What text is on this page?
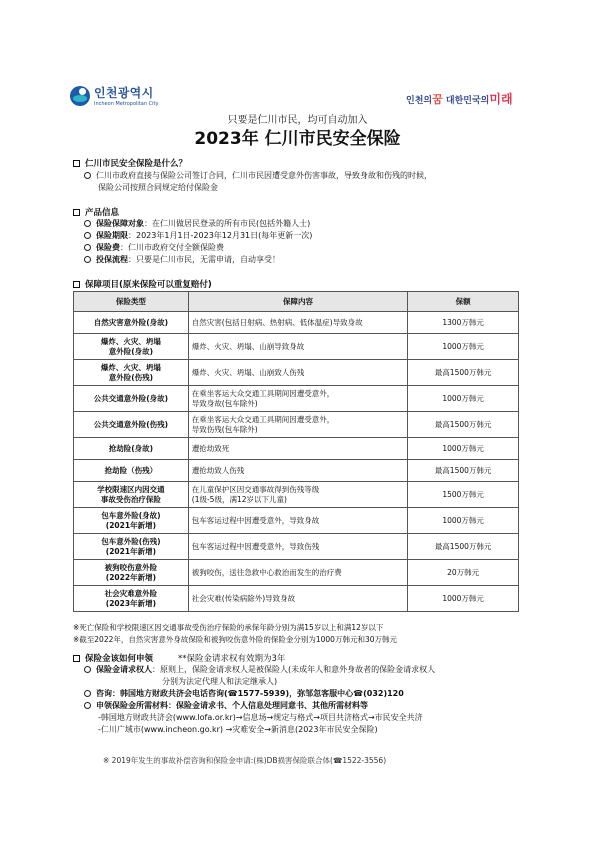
인천광역시
Incheon Metropolitan City	인천의꿈 대한민국의미래
只要是仁川市民，均可自动加入
2023年 仁川市民安全保险
仁川市民安全保险是什么？
仁川市政府直接与保险公司签订合同，仁川市民因遭受意外伤害事故，导致身故和伤残的时候，
保险公司按照合同规定给付保险金
产品信息
保险保障对象：在仁川做居民登录的所有市民(包括外籍人士)
保险期限：2023年1月1日-2023年12月31日(每年更新一次)
保险费：仁川市政府交付全额保险费
投保流程：只要是仁川市民，无需申请，自动享受！
保障项目(原来保险可以重复赔付)
保险类型	保障内容	保额
自然灾害意外险(身故)	自然灾害(包括日射病、热射病、低体温症)导致身故	1300万韩元
爆炸、火灾、坍塌
意外险(身故)	爆炸、火灾、坍塌、山崩导致身故	1000万韩元
爆炸、火灾、坍塌
意外险(伤残)	爆炸、火灾、坍塌、山崩致人伤残	最高1500万韩元
公共交通意外险(身故)	在乘坐客运大众交通工具期间因遭受意外，
导致身故(包车除外)	1000万韩元
公共交通意外险(伤残)	在乘坐客运大众交通工具期间因遭受意外，
导致伤残(包车除外)	最高1500万韩元
抢劫险(身故)	遭抢劫致死	1000万韩元
抢劫险（伤残）	遭抢劫致人伤残	最高1500万韩元
学校限速区内因交通
事故受伤治疗保险	在儿童保护区因交通事故得到伤残等级
(1级-5级，满12岁以下儿童)	1500万韩元
包车意外险(身故)
(2021年新增)	包车客运过程中因遭受意外，导致身故	1000万韩元
包车意外险(伤残)
(2021年新增)	包车客运过程中因遭受意外，导致伤残	最高1500万韩元
被狗咬伤意外险
(2022年新增)	被狗咬伤，送往急救中心救治而发生的治疗费	20万韩元
社会灾难意外险
(2023年新增)	社会灾难(传染病除外)导致身故	1000万韩元
※死亡保险和学校限速区因交通事故受伤治疗保险的承保年龄分别为满15岁以上和满12岁以下
※截至2022年，自然灾害意外身故保险和被狗咬伤意外险的保险金分别为1000万韩元和30万韩元
保险金该如何申领	**保险金请求权有效期为3年
保险金请求权人：原则上，保险金请求权人是被保险人(未成年人和意外身故者的保险金请求权人
分别为法定代理人和法定继承人)
咨询：韩国地方财政共济会电话咨询(☎1577-5939)，弥邹忽客服中心☎(032)120
申领保险金所需材料：保险金请求书、个人信息处理同意书、其他所需材料等
-韩国地方财政共济会(www.lofa.or.kr)→信息场→规定与格式→项目共济格式→市民安全共济
-仁川广域市(www.incheon.go.kr) →灾难安全→新消息(2023年市民安全保险)
※ 2019年发生的事故补偿咨询和保险金申请:(株)DB损害保险联合体(☎1522-3556)
